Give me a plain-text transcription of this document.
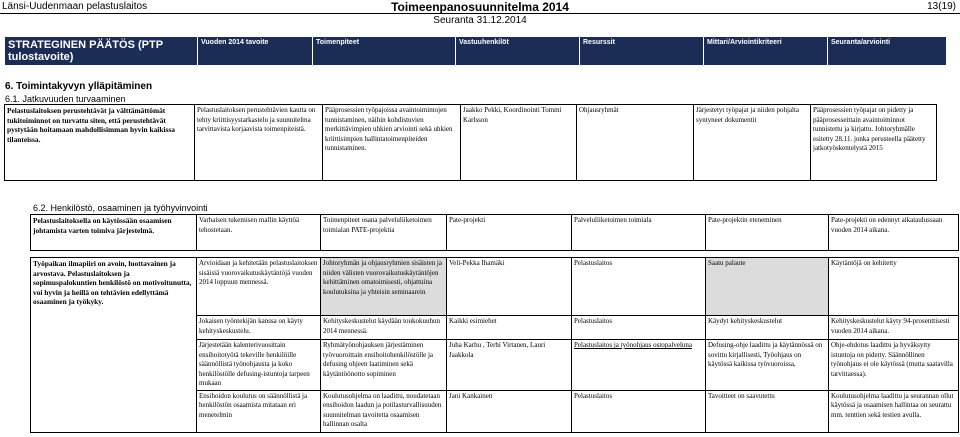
Länsi-Uudenmaan pelastuslaitos	Toimeenpanosuunnitelma 2014	13(19)
Seuranta 31.12.2014
STRATEGINEN PÄÄTÖS (PTP tulostavoite)	Vuoden 2014 tavoite	Toimenpiteet	Vastuuhenkilöt	Resurssit	Mittari/Arviointikriteeri	Seuranta/arviointi
6. Toimintakyvyn ylläpitäminen
6.1. Jatkuvuuden turvaaminen
Pelastuslaitoksen perustehtävät ja välttämättömät tukitoiminnot on turvattu siten, että perustehtävät pystytään hoitamaan mahdollisimman hyvin kaikissa tilanteissa.	Pelastuslaitoksen perustehtävien kautta on tehty kriittisyystarkastelu ja suunnitelma tarvittavista korjaavista toimenpiteistä.	Pääprosessien työpajoissa avaintoimintojen tunnistaminen, näihin kohdistuvien merkittävimpien uhkien arviointi sekä uhkien kriittisimpien hallintatoimenpiteiden tunnistaminen.	Jaakko Pekki, Koordinointi Tommi Karlsson	Ohjausryhmät	Järjestetyt työpajat ja niiden pohjalta syntyneet dokumentit	Pääprosessien työpajat on pidetty ja pääprosesseittain avaintoiminnot tunnistettu ja kirjattu. Johtoryhmälle esitetty 28.11. jonka perusteella päätetty jatkotyöskentelystä 2015
6.2. Henkilöstö, osaaminen ja työhyvinvointi
Pelastuslaitoksella on käytössään osaamisen johtamista varten toimiva järjestelmä.	Varhaisen tukemisen mallin käyttöä tehostetaan.	Toimenpiteet osana palveluliiketoimen toimialan PATE-projektia	Pate-projekti	Palveluliiketoimen toimiala	Pate-projektin eteneminen	Pate-projekti on edennyt aikataulussaan vuoden 2014 aikana.
Työpaikan ilmapiiri on avoin, luottavainen ja arvostava. Pelastuslaitoksen ja sopimuspalokuntien henkilöstö on motivoitunutta, voi hyvin ja heillä on tehtävien edellyttämä osaaminen ja työkyky.	Arvioidaan ja kehitetään pelastuslaitoksen sisäisiä vuorovaikutuskäytäntöjä vuoden 2014 loppuun mennessä.	Johtoryhmän ja ohjausryhmien sisäisten ja niiden välisten vuorovaikutuskäytäntöjen kehittäminen omatoimisesti, ohjattuina koulutuksina ja yhteisin seminaarein	Veli-Pekka Ihamäki	Pelastuslaitos	Saatu palaute	Käytäntöjä on kehitetty
	Jokaisen työntekijän kanssa on käyty kehityskeskustelu.	Kehityskeskustelut käydään toukokuuhun 2014 mennessä.	Kaikki esimiehet	Pelastuslaitos	Käydyt kehityskeskustelut	Kehityskeskustelut käyty 94-prosenttisesti vuoden 2014 aikana.
	Järjestetään kalenterivuosittain ensihoitotyötä tekeville henkilöille säännöllistä työnohjausta ja koko henkilöstölle defusing-istuntoja tarpeen mukaan	Ryhmätyönohjauksen järjestäminen työvuoroittain ensihoitohenkilöstölle ja defusing ohjeen laatiminen sekä käytäntöönotto sopiminen	Juha Karhu , Terhi Virtanen, Lauri Jaakkola	Pelastuslaitos ja työnohjaus ostopalveluna	Defusing-ohje laadittu ja käytännössä on sovittu kirjallisesti, Työohjaus on käytössä kaikissa työvuoroissa,	Ohje-ehdotus laadittu ja hyväksytty istuntoja on pidetty. Säännöllinen työnohjaus ei ole käytössä (mutta saatavilla tarvittaessa).
	Ensihoidon koulutus on säännöllistä ja henkilöstön osaamista mitataan eri menetelmin	Koulutusohjelma on laadittu, noudatetaan ensihoidon laadun ja potilasturvallisuuden suunnitelman tavoitetta osaamisen hallinnan osalta	Jani Kankainen	Pelastuslaitos	Tavoitteet on saavutettu	Koulutusohjelma laadittu ja seurannan ollut käytössä ja osaamisen hallintaa on seurattu mm. tenttien sekä testien avulla.
